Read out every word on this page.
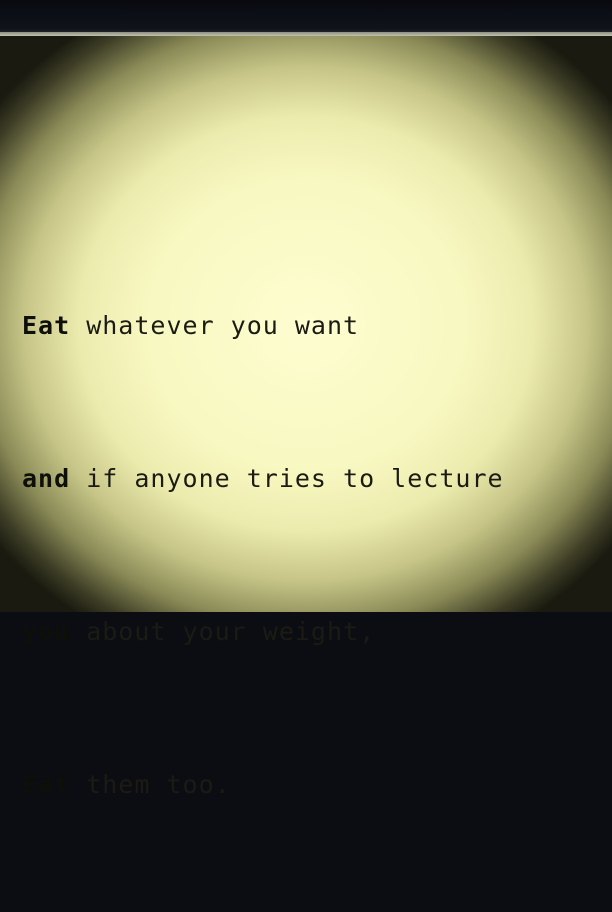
Eat whatever you want

and if anyone tries to lecture

you about your weight,

Eat them too.
